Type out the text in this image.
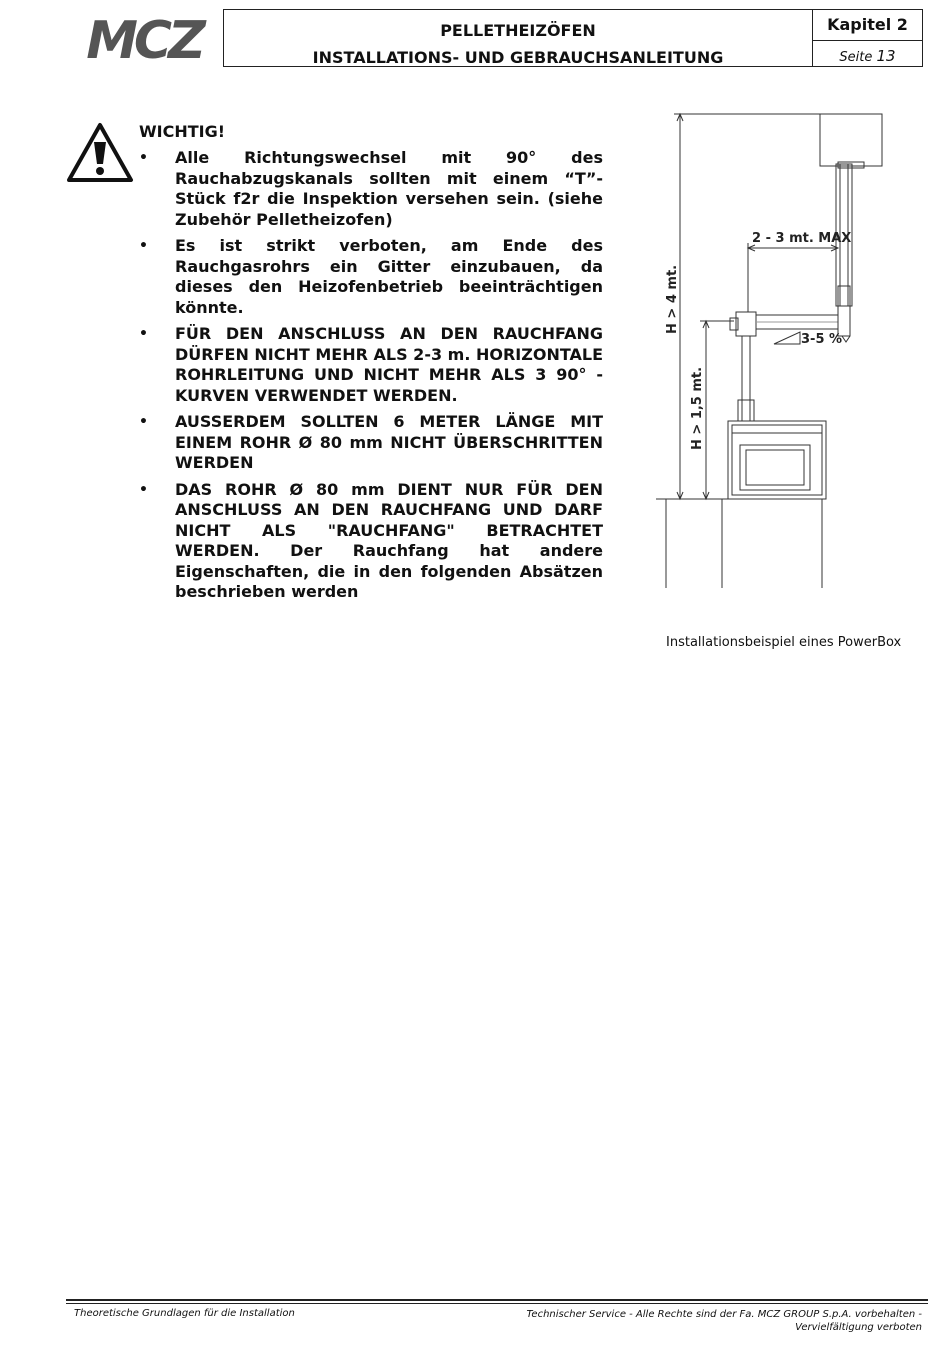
MCZ	PELLETHEIZÖFEN
INSTALLATIONS- UND GEBRAUCHSANLEITUNG
Kapitel 2
Seite 13
WICHTIG!
• Alle Richtungswechsel mit 90° des Rauchabzugskanals sollten mit einem “T”-Stück f2r die Inspektion versehen sein. (siehe Zubehör Pelletheizofen)
• Es ist strikt verboten, am Ende des Rauchgasrohrs ein Gitter einzubauen, da dieses den Heizofenbetrieb beeinträchtigen könnte.
• FÜR DEN ANSCHLUSS AN DEN RAUCHFANG DÜRFEN NICHT MEHR ALS 2-3 m. HORIZONTALE ROHRLEITUNG UND NICHT MEHR ALS 3 90° - KURVEN VERWENDET WERDEN.
• AUSSERDEM SOLLTEN 6 METER LÄNGE MIT EINEM ROHR Ø 80 mm NICHT ÜBERSCHRITTEN WERDEN
• DAS ROHR Ø 80 mm DIENT NUR FÜR DEN ANSCHLUSS AN DEN RAUCHFANG UND DARF NICHT ALS "RAUCHFANG" BETRACHTET WERDEN. Der Rauchfang hat andere Eigenschaften, die in den folgenden Absätzen beschrieben werden
H > 4 mt.
H > 1,5 mt.
2 - 3 mt. MAX
3-5 %
Installationsbeispiel eines PowerBox
Theoretische Grundlagen für die Installation	Technischer Service - Alle Rechte sind der Fa. MCZ GROUP S.p.A. vorbehalten - Vervielfältigung verboten
